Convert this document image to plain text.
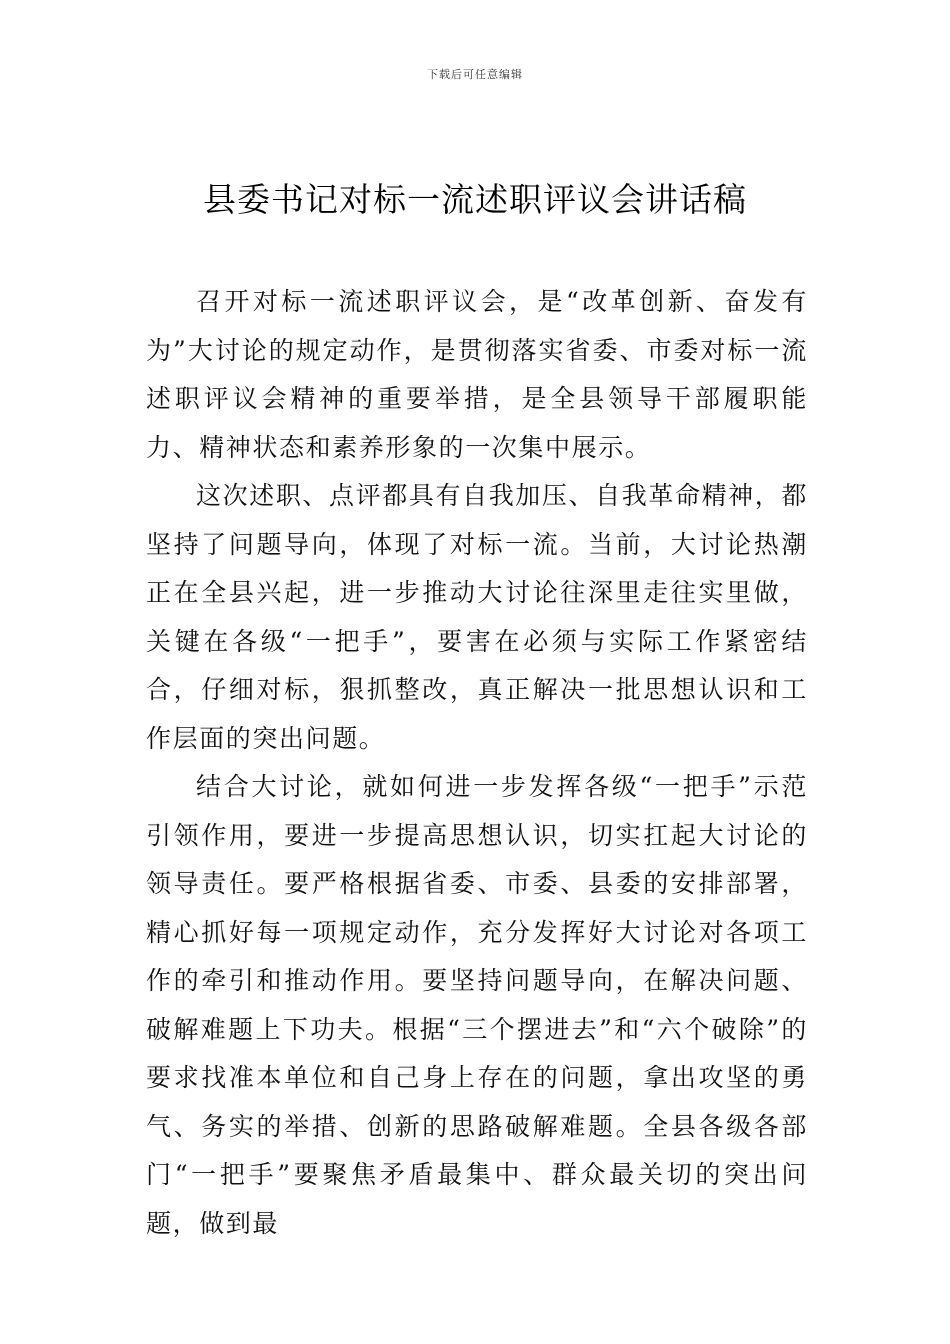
下载后可任意编辑
县委书记对标一流述职评议会讲话稿

召开对标一流述职评议会，是“改革创新、奋发有为”大讨论的规定动作，是贯彻落实省委、市委对标一流述职评议会精神的重要举措，是全县领导干部履职能力、精神状态和素养形象的一次集中展示。

这次述职、点评都具有自我加压、自我革命精神，都坚持了问题导向，体现了对标一流。当前，大讨论热潮正在全县兴起，进一步推动大讨论往深里走往实里做，关键在各级“一把手”，要害在必须与实际工作紧密结合，仔细对标，狠抓整改，真正解决一批思想认识和工作层面的突出问题。

结合大讨论，就如何进一步发挥各级“一把手”示范引领作用，要进一步提高思想认识，切实扛起大讨论的领导责任。要严格根据省委、市委、县委的安排部署，精心抓好每一项规定动作，充分发挥好大讨论对各项工作的牵引和推动作用。要坚持问题导向，在解决问题、破解难题上下功夫。根据“三个摆进去”和“六个破除”的要求找准本单位和自己身上存在的问题，拿出攻坚的勇气、务实的举措、创新的思路破解难题。全县各级各部门“一把手”要聚焦矛盾最集中、群众最关切的突出问题，做到最
